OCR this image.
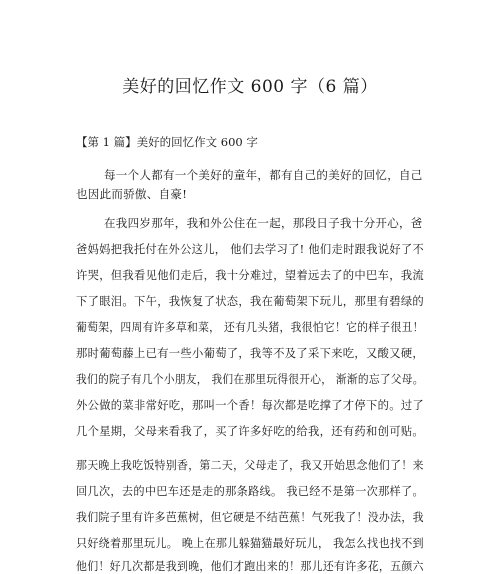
美好的回忆作文 600 字（6 篇）
【第 1 篇】美好的回忆作文 600 字
每一个人都有一个美好的童年，都有自己的美好的回忆，自己
也因此而骄傲、自豪!
在我四岁那年，我和外公住在一起，那段日子我十分开心，爸
爸妈妈把我托付在外公这儿， 他们去学习了! 他们走时跟我说好了不
许哭，但我看见他们走后，我十分难过，望着远去了的中巴车，我流
下了眼泪。下午，我恢复了状态，我在葡萄架下玩儿，那里有碧绿的
葡萄架，四周有许多草和菜， 还有几头猪，我很怕它！它的样子很丑！
那时葡萄藤上已有一些小葡萄了，我等不及了采下来吃，又酸又硬，
我们的院子有几个小朋友， 我们在那里玩得很开心， 渐渐的忘了父母。
外公做的菜非常好吃，那叫一个香！每次都是吃撑了才停下的。过了
几个星期，父母来看我了，买了许多好吃的给我，还有药和创可贴。
那天晚上我吃饭特别香，第二天，父母走了，我又开始思念他们了！来
回几次，去的中巴车还是走的那条路线。 我已经不是第一次那样了。
我们院子里有许多芭蕉树，但它硬是不结芭蕉！气死我了！没办法，我
只好绕着那里玩儿。 晚上在那儿躲猫猫最好玩儿， 我怎么找也找不到
他们！好几次都是我到晚，他们才跑出来的！那儿还有许多花，五颜六
